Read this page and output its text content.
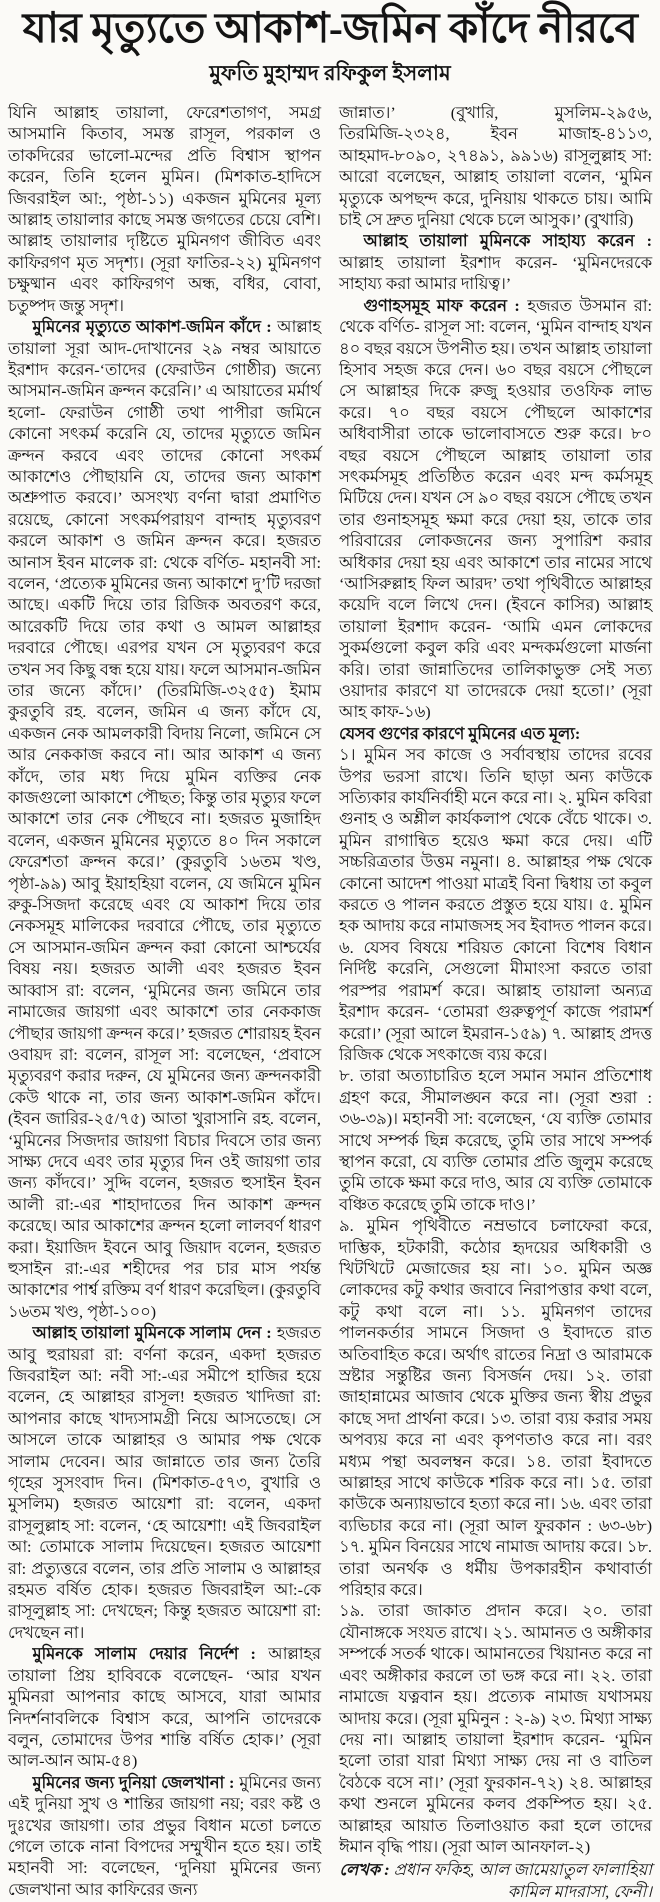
যার মৃত্যুতে আকাশ-জমিন কাঁদে নীরবে
মুফতি মুহাম্মদ রফিকুল ইসলাম

যিনি আল্লাহ তায়ালা, ফেরেশতাগণ, সমগ্র আসমানি কিতাব, সমস্ত রাসূল, পরকাল ও তাকদিরের ভালো-মন্দের প্রতি বিশ্বাস স্থাপন করেন, তিনি হলেন মুমিন। (মিশকাত-হাদিসে জিবরাইল আ:, পৃষ্ঠা-১১) একজন মুমিনের মূল্য আল্লাহ তায়ালার কাছে সমস্ত জগতের চেয়ে বেশি। আল্লাহ তায়ালার দৃষ্টিতে মুমিনগণ জীবিত এবং কাফিরগণ মৃত সদৃশ্য। (সূরা ফাতির-২২) মুমিনগণ চক্ষুষ্মান এবং কাফিরগণ অন্ধ, বধির, বোবা, চতুষ্পদ জন্তু সদৃশ।

মুমিনের মৃত্যুতে আকাশ-জমিন কাঁদে : আল্লাহ তায়ালা সূরা আদ-দোখানের ২৯ নম্বর আয়াতে ইরশাদ করেন-‘তাদের (ফেরাউন গোষ্ঠীর) জন্যে আসমান-জমিন ক্রন্দন করেনি।’ এ আয়াতের মর্মার্থ হলো- ফেরাউন গোষ্ঠী তথা পাপীরা জমিনে কোনো সৎকর্ম করেনি যে, তাদের মৃত্যুতে জমিন ক্রন্দন করবে এবং তাদের কোনো সৎকর্ম আকাশেও পৌছায়নি যে, তাদের জন্য আকাশ অশ্রুপাত করবে।’ অসংখ্য বর্ণনা দ্বারা প্রমাণিত রয়েছে, কোনো সৎকর্মপরায়ণ বান্দাহ মৃত্যুবরণ করলে আকাশ ও জমিন ক্রন্দন করে। হজরত আনাস ইবন মালেক রা: থেকে বর্ণিত- মহানবী সা: বলেন, ‘প্রত্যেক মুমিনের জন্য আকাশে দু’টি দরজা আছে। একটি দিয়ে তার রিজিক অবতরণ করে, আরেকটি দিয়ে তার কথা ও আমল আল্লাহর দরবারে পৌছে। এরপর যখন সে মৃত্যুবরণ করে তখন সব কিছু বন্ধ হয়ে যায়। ফলে আসমান-জমিন তার জন্যে কাঁদে।’ (তিরমিজি-৩২৫৫) ইমাম কুরতুবি রহ. বলেন, জমিন এ জন্য কাঁদে যে, একজন নেক আমলকারী বিদায় নিলো, জমিনে সে আর নেককাজ করবে না। আর আকাশ এ জন্য কাঁদে, তার মধ্য দিয়ে মুমিন ব্যক্তির নেক কাজগুলো আকাশে পৌছত; কিন্তু তার মৃত্যুর ফলে আকাশে তার নেক পৌছবে না। হজরত মুজাহিদ বলেন, একজন মুমিনের মৃত্যুতে ৪০ দিন সকালে ফেরেশতা ক্রন্দন করে।’ (কুরতুবি ১৬তম খণ্ড, পৃষ্ঠা-৯৯) আবু ইয়াহহিয়া বলেন, যে জমিনে মুমিন রুকু-সিজদা করেছে এবং যে আকাশ দিয়ে তার নেকসমূহ মালিকের দরবারে পৌছে, তার মৃত্যুতে সে আসমান-জমিন ক্রন্দন করা কোনো আশ্চর্যের বিষয় নয়। হজরত আলী এবং হজরত ইবন আব্বাস রা: বলেন, ‘মুমিনের জন্য জমিনে তার নামাজের জায়গা এবং আকাশে তার নেককাজ পৌছার জায়গা ক্রন্দন করে।’ হজরত শোরায়হ ইবন ওবায়দ রা: বলেন, রাসূল সা: বলেছেন, ‘প্রবাসে মৃত্যুবরণ করার দরুন, যে মুমিনের জন্য ক্রন্দনকারী কেউ থাকে না, তার জন্য আকাশ-জমিন কাঁদে। (ইবন জারির-২৫/৭৫) আতা খুরাসানি রহ. বলেন, ‘মুমিনের সিজদার জায়গা বিচার দিবসে তার জন্য সাক্ষ্য দেবে এবং তার মৃত্যুর দিন ওই জায়গা তার জন্য কাঁদবে।’ সুদ্দি বলেন, হজরত হুসাইন ইবন আলী রা:-এর শাহাদাতের দিন আকাশ ক্রন্দন করেছে। আর আকাশের ক্রন্দন হলো লালবর্ণ ধারণ করা। ইয়াজিদ ইবনে আবু জিয়াদ বলেন, হজরত হুসাইন রা:-এর শহীদের পর চার মাস পর্যন্ত আকাশের পার্শ্ব রক্তিম বর্ণ ধারণ করেছিল। (কুরতুবি ১৬তম খণ্ড, পৃষ্ঠা-১০০)

আল্লাহ তায়ালা মুমিনকে সালাম দেন : হজরত আবু হুরায়রা রা: বর্ণনা করেন, একদা হজরত জিবরাইল আ: নবী সা:-এর সমীপে হাজির হয়ে বলেন, হে আল্লাহর রাসূল! হজরত খাদিজা রা: আপনার কাছে খাদ্যসামগ্রী নিয়ে আসতেছে। সে আসলে তাকে আল্লাহর ও আমার পক্ষ থেকে সালাম দেবেন। আর জান্নাতে তার জন্য তৈরি গৃহের সুসংবাদ দিন। (মিশকাত-৫৭৩, বুখারি ও মুসলিম) হজরত আয়েশা রা: বলেন, একদা রাসূলুল্লাহ সা: বলেন, ‘হে আয়েশা! এই জিবরাইল আ: তোমাকে সালাম দিয়েছেন। হজরত আয়েশা রা: প্রত্যুত্তরে বলেন, তার প্রতি সালাম ও আল্লাহর রহমত বর্ষিত হোক। হজরত জিবরাইল আ:-কে রাসূলুল্লাহ সা: দেখছেন; কিন্তু হজরত আয়েশা রা: দেখছেন না।

মুমিনকে সালাম দেয়ার নির্দেশ : আল্লাহর তায়ালা প্রিয় হাবিবকে বলেছেন- ‘আর যখন মুমিনরা আপনার কাছে আসবে, যারা আমার নিদর্শনাবলিকে বিশ্বাস করে, আপনি তাদেরকে বলুন, তোমাদের উপর শান্তি বর্ষিত হোক।’ (সূরা আল-আন আম-৫৪)

মুমিনের জন্য দুনিয়া জেলখানা : মুমিনের জন্য এই দুনিয়া সুখ ও শান্তির জায়গা নয়; বরং কষ্ট ও দুঃখের জায়গা। তার প্রভুর বিধান মতো চলতে গেলে তাকে নানা বিপদের সম্মুখীন হতে হয়। তাই মহানবী সা: বলেছেন, ‘দুনিয়া মুমিনের জন্য জেলখানা আর কাফিরের জন্য

জান্নাত।’ (বুখারি, মুসলিম-২৯৫৬, তিরমিজি-২৩২৪, ইবন মাজাহ-৪১১৩, আহমাদ-৮০৯০, ২৭৪৯১, ৯৯১৬) রাসূলুল্লাহ সা: আরো বলেছেন, আল্লাহ তায়ালা বলেন, ‘মুমিন মৃত্যুকে অপছন্দ করে, দুনিয়ায় থাকতে চায়। আমি চাই সে দ্রুত দুনিয়া থেকে চলে আসুক।’ (বুখারি)

আল্লাহ তায়ালা মুমিনকে সাহায্য করেন : আল্লাহ তায়ালা ইরশাদ করেন- ‘মুমিনদেরকে সাহায্য করা আমার দায়িত্ব।’

গুণাহসমূহ মাফ করেন : হজরত উসমান রা: থেকে বর্ণিত- রাসূল সা: বলেন, ‘মুমিন বান্দাহ যখন ৪০ বছর বয়সে উপনীত হয়। তখন আল্লাহ তায়ালা হিসাব সহজ করে দেন। ৬০ বছর বয়সে পৌছলে সে আল্লাহর দিকে রুজু হওয়ার তওফিক লাভ করে। ৭০ বছর বয়সে পৌছলে আকাশের অধিবাসীরা তাকে ভালোবাসতে শুরু করে। ৮০ বছর বয়সে পৌছলে আল্লাহ তায়ালা তার সৎকর্মসমূহ প্রতিষ্ঠিত করেন এবং মন্দ কর্মসমূহ মিটিয়ে দেন। যখন সে ৯০ বছর বয়সে পৌছে তখন তার গুনাহসমূহ ক্ষমা করে দেয়া হয়, তাকে তার পরিবারের লোকজনের জন্য সুপারিশ করার অধিকার দেয়া হয় এবং আকাশে তার নামের সাথে ‘আসিরুল্লাহ ফিল আরদ’ তথা পৃথিবীতে আল্লাহর কয়েদি বলে লিখে দেন। (ইবনে কাসির) আল্লাহ তায়ালা ইরশাদ করেন- ‘আমি এমন লোকদের সুকর্মগুলো কবুল করি এবং মন্দকর্মগুলো মার্জনা করি। তারা জান্নাতিদের তালিকাভুক্ত সেই সত্য ওয়াদার কারণে যা তাদেরকে দেয়া হতো।’ (সূরা আহ কাফ-১৬)

যেসব গুণের কারণে মুমিনের এত মূল্য:

১। মুমিন সব কাজে ও সর্বাবস্থায় তাদের রবের উপর ভরসা রাখে। তিনি ছাড়া অন্য কাউকে সত্যিকার কার্যনির্বাহী মনে করে না। ২. মুমিন কবিরা গুনাহ ও অশ্লীল কার্যকলাপ থেকে বেঁচে থাকে। ৩. মুমিন রাগান্বিত হয়েও ক্ষমা করে দেয়। এটি সচ্চরিত্রতার উত্তম নমুনা। ৪. আল্লাহর পক্ষ থেকে কোনো আদেশ পাওয়া মাত্রই বিনা দ্বিধায় তা কবুল করতে ও পালন করতে প্রস্তুত হয়ে যায়। ৫. মুমিন হক আদায় করে নামাজসহ সব ইবাদত পালন করে। ৬. যেসব বিষয়ে শরিয়ত কোনো বিশেষ বিধান নির্দিষ্ট করেনি, সেগুলো মীমাংসা করতে তারা পরস্পর পরামর্শ করে। আল্লাহ তায়ালা অন্যত্র ইরশাদ করেন- ‘তোমরা গুরুত্বপূর্ণ কাজে পরামর্শ করো।’ (সূরা আলে ইমরান-১৫৯) ৭. আল্লাহ প্রদত্ত রিজিক থেকে সৎকাজে ব্যয় করে।

৮. তারা অত্যাচারিত হলে সমান সমান প্রতিশোধ গ্রহণ করে, সীমালঙ্ঘন করে না। (সূরা শুরা : ৩৬-৩৯)। মহানবী সা: বলেছেন, ‘যে ব্যক্তি তোমার সাথে সম্পর্ক ছিন্ন করেছে, তুমি তার সাথে সম্পর্ক স্থাপন করো, যে ব্যক্তি তোমার প্রতি জুলুম করেছে তুমি তাকে ক্ষমা করে দাও, আর যে ব্যক্তি তোমাকে বঞ্চিত করেছে তুমি তাকে দাও।’

৯. মুমিন পৃথিবীতে নম্রভাবে চলাফেরা করে, দাম্ভিক, হটকারী, কঠোর হৃদয়ের অধিকারী ও খিটখিটে মেজাজের হয় না। ১০. মুমিন অজ্ঞ লোকদের কটু কথার জবাবে নিরাপত্তার কথা বলে, কটু কথা বলে না। ১১. মুমিনগণ তাদের পালনকর্তার সামনে সিজদা ও ইবাদতে রাত অতিবাহিত করে। অর্থাৎ রাতের নিদ্রা ও আরামকে স্রষ্টার সন্তুষ্টির জন্য বিসর্জন দেয়। ১২. তারা জাহান্নামের আজাব থেকে মুক্তির জন্য স্বীয় প্রভুর কাছে সদা প্রার্থনা করে। ১৩. তারা ব্যয় করার সময় অপব্যয় করে না এবং কৃপণতাও করে না। বরং মধ্যম পন্থা অবলম্বন করে। ১৪. তারা ইবাদতে আল্লাহর সাথে কাউকে শরিক করে না। ১৫. তারা কাউকে অন্যায়ভাবে হত্যা করে না। ১৬. এবং তারা ব্যভিচার করে না। (সূরা আল ফুরকান : ৬৩-৬৮) ১৭. মুমিন বিনয়ের সাথে নামাজ আদায় করে। ১৮. তারা অনর্থক ও ধর্মীয় উপকারহীন কথাবার্তা পরিহার করে।

১৯. তারা জাকাত প্রদান করে। ২০. তারা যৌনাঙ্গকে সংযত রাখে। ২১. আমানত ও অঙ্গীকার সম্পর্কে সতর্ক থাকে। আমানতের খিয়ানত করে না এবং অঙ্গীকার করলে তা ভঙ্গ করে না। ২২. তারা নামাজে যত্নবান হয়। প্রত্যেক নামাজ যথাসময় আদায় করে। (সূরা মুমিনুন : ২-৯) ২৩. মিথ্যা সাক্ষ্য দেয় না। আল্লাহ তায়ালা ইরশাদ করেন- ‘মুমিন হলো তারা যারা মিথ্যা সাক্ষ্য দেয় না ও বাতিল বৈঠকে বসে না।’ (সূরা ফুরকান-৭২) ২৪. আল্লাহর কথা শুনলে মুমিনের কলব প্রকম্পিত হয়। ২৫. আল্লাহর আয়াত তিলাওয়াত করা হলে তাদের ঈমান বৃদ্ধি পায়। (সূরা আল আনফাল-২)

লেখক : প্রধান ফকিহ, আল জামেয়াতুল ফালাহিয়া কামিল মাদরাসা, ফেনী।
